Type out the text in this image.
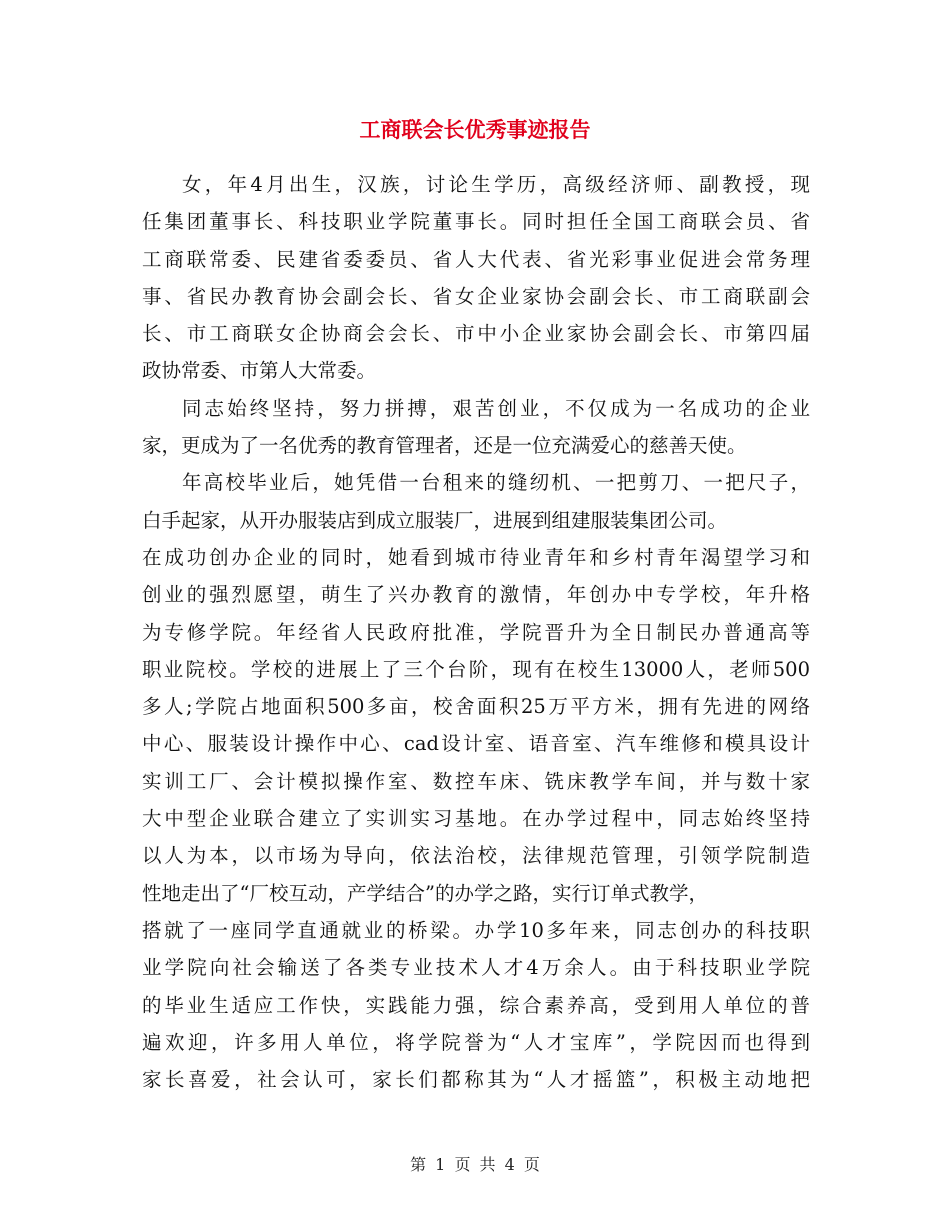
工商联会长优秀事迹报告
女，年4月出生，汉族，讨论生学历，高级经济师、副教授，现
任集团董事长、科技职业学院董事长。同时担任全国工商联会员、省
工商联常委、民建省委委员、省人大代表、省光彩事业促进会常务理
事、省民办教育协会副会长、省女企业家协会副会长、市工商联副会
长、市工商联女企协商会会长、市中小企业家协会副会长、市第四届
政协常委、市第人大常委。
同志始终坚持，努力拼搏，艰苦创业，不仅成为一名成功的企业
家，更成为了一名优秀的教育管理者，还是一位充满爱心的慈善天使。
年高校毕业后，她凭借一台租来的缝纫机、一把剪刀、一把尺子，
白手起家，从开办服装店到成立服装厂，进展到组建服装集团公司。
在成功创办企业的同时，她看到城市待业青年和乡村青年渴望学习和
创业的强烈愿望，萌生了兴办教育的激情，年创办中专学校，年升格
为专修学院。年经省人民政府批准，学院晋升为全日制民办普通高等
职业院校。学校的进展上了三个台阶，现有在校生13000人，老师500
多人;学院占地面积500多亩，校舍面积25万平方米，拥有先进的网络
中心、服装设计操作中心、cad设计室、语音室、汽车维修和模具设计
实训工厂、会计模拟操作室、数控车床、铣床教学车间，并与数十家
大中型企业联合建立了实训实习基地。在办学过程中，同志始终坚持
以人为本，以市场为导向，依法治校，法律规范管理，引领学院制造
性地走出了“厂校互动，产学结合”的办学之路，实行订单式教学，
搭就了一座同学直通就业的桥梁。办学10多年来，同志创办的科技职
业学院向社会输送了各类专业技术人才4万余人。由于科技职业学院
的毕业生适应工作快，实践能力强，综合素养高，受到用人单位的普
遍欢迎，许多用人单位，将学院誉为“人才宝库”，学院因而也得到
家长喜爱，社会认可，家长们都称其为“人才摇篮”，积极主动地把
第 1 页 共 4 页
